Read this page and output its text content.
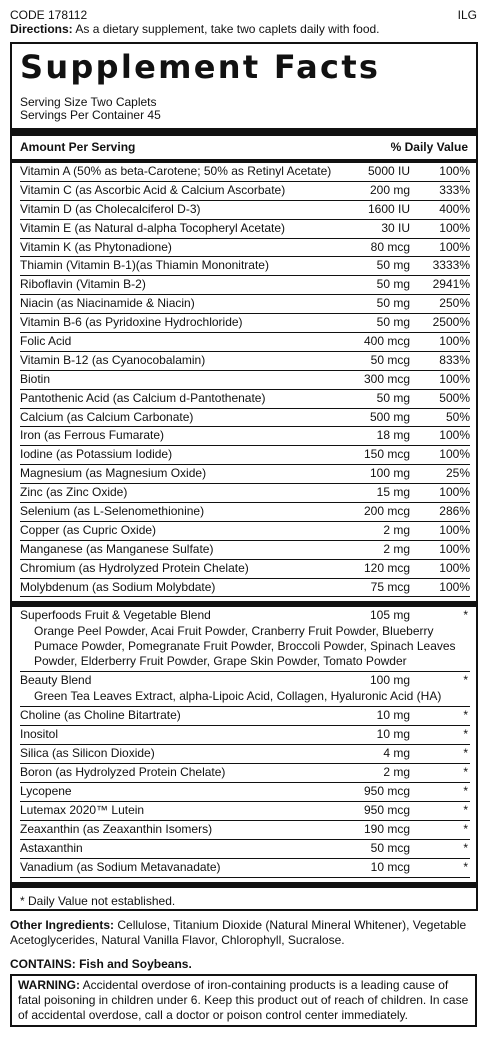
CODE 178112	ILG
Directions: As a dietary supplement, take two caplets daily with food.
Supplement Facts
Serving Size Two Caplets
Servings Per Container 45
Amount Per Serving	% Daily Value
Vitamin A (50% as beta-Carotene; 50% as Retinyl Acetate)	5000 IU 100%
Vitamin C (as Ascorbic Acid & Calcium Ascorbate)	200 mg 333%
Vitamin D (as Cholecalciferol D-3)	1600 IU 400%
Vitamin E (as Natural d-alpha Tocopheryl Acetate)	30 IU 100%
Vitamin K (as Phytonadione)	80 mcg 100%
Thiamin (Vitamin B-1)(as Thiamin Mononitrate)	50 mg 3333%
Riboflavin (Vitamin B-2)	50 mg 2941%
Niacin (as Niacinamide & Niacin)	50 mg 250%
Vitamin B-6 (as Pyridoxine Hydrochloride)	50 mg 2500%
Folic Acid	400 mcg 100%
Vitamin B-12 (as Cyanocobalamin)	50 mcg 833%
Biotin	300 mcg 100%
Pantothenic Acid (as Calcium d-Pantothenate)	50 mg 500%
Calcium (as Calcium Carbonate)	500 mg	50%
Iron (as Ferrous Fumarate)	18 mg 100%
Iodine (as Potassium Iodide)	150 mcg 100%
Magnesium (as Magnesium Oxide)	100 mg	25%
Zinc (as Zinc Oxide)	15 mg 100%
Selenium (as L-Selenomethionine)	200 mcg 286%
Copper (as Cupric Oxide)	2 mg 100%
Manganese (as Manganese Sulfate)	2 mg 100%
Chromium (as Hydrolyzed Protein Chelate)	120 mcg 100%
Molybdenum (as Sodium Molybdate)	75 mcg 100%
Superfoods Fruit & Vegetable Blend	105 mg	*
Orange Peel Powder, Acai Fruit Powder, Cranberry Fruit Powder, Blueberry Pumace Powder, Pomegranate Fruit Powder, Broccoli Powder, Spinach Leaves Powder, Elderberry Fruit Powder, Grape Skin Powder, Tomato Powder
Beauty Blend	100 mg	*
Green Tea Leaves Extract, alpha-Lipoic Acid, Collagen, Hyaluronic Acid (HA)
Choline (as Choline Bitartrate)	10 mg	*
Inositol	10 mg	*
Silica (as Silicon Dioxide)	4 mg	*
Boron (as Hydrolyzed Protein Chelate)	2 mg	*
Lycopene	950 mcg	*
Lutemax 2020™ Lutein	950 mcg	*
Zeaxanthin (as Zeaxanthin Isomers)	190 mcg	*
Astaxanthin	50 mcg	*
Vanadium (as Sodium Metavanadate)	10 mcg	*
* Daily Value not established.
Other Ingredients: Cellulose, Titanium Dioxide (Natural Mineral Whitener), Vegetable Acetoglycerides, Natural Vanilla Flavor, Chlorophyll, Sucralose.
CONTAINS: Fish and Soybeans.
WARNING: Accidental overdose of iron-containing products is a leading cause of fatal poisoning in children under 6. Keep this product out of reach of children. In case of accidental overdose, call a doctor or poison control center immediately.
